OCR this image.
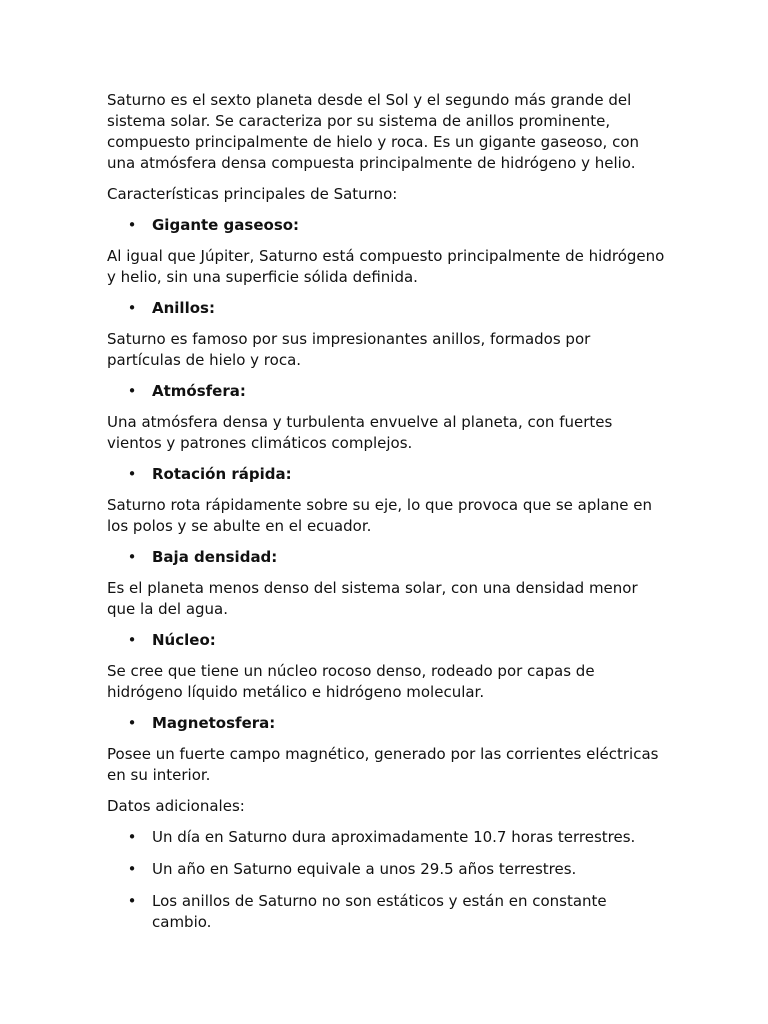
Saturno es el sexto planeta desde el Sol y el segundo más grande del sistema solar. Se caracteriza por su sistema de anillos prominente, compuesto principalmente de hielo y roca. Es un gigante gaseoso, con una atmósfera densa compuesta principalmente de hidrógeno y helio.

Características principales de Saturno:

•
Gigante gaseoso:

Al igual que Júpiter, Saturno está compuesto principalmente de hidrógeno y helio, sin una superficie sólida definida.

•
Anillos:

Saturno es famoso por sus impresionantes anillos, formados por partículas de hielo y roca.

•
Atmósfera:

Una atmósfera densa y turbulenta envuelve al planeta, con fuertes vientos y patrones climáticos complejos.

•
Rotación rápida:

Saturno rota rápidamente sobre su eje, lo que provoca que se aplane en los polos y se abulte en el ecuador.

•
Baja densidad:

Es el planeta menos denso del sistema solar, con una densidad menor que la del agua.

•
Núcleo:

Se cree que tiene un núcleo rocoso denso, rodeado por capas de hidrógeno líquido metálico e hidrógeno molecular.

•
Magnetosfera:

Posee un fuerte campo magnético, generado por las corrientes eléctricas en su interior.

Datos adicionales:

•
Un día en Saturno dura aproximadamente 10.7 horas terrestres.
•
Un año en Saturno equivale a unos 29.5 años terrestres.
•
Los anillos de Saturno no son estáticos y están en constante cambio.
